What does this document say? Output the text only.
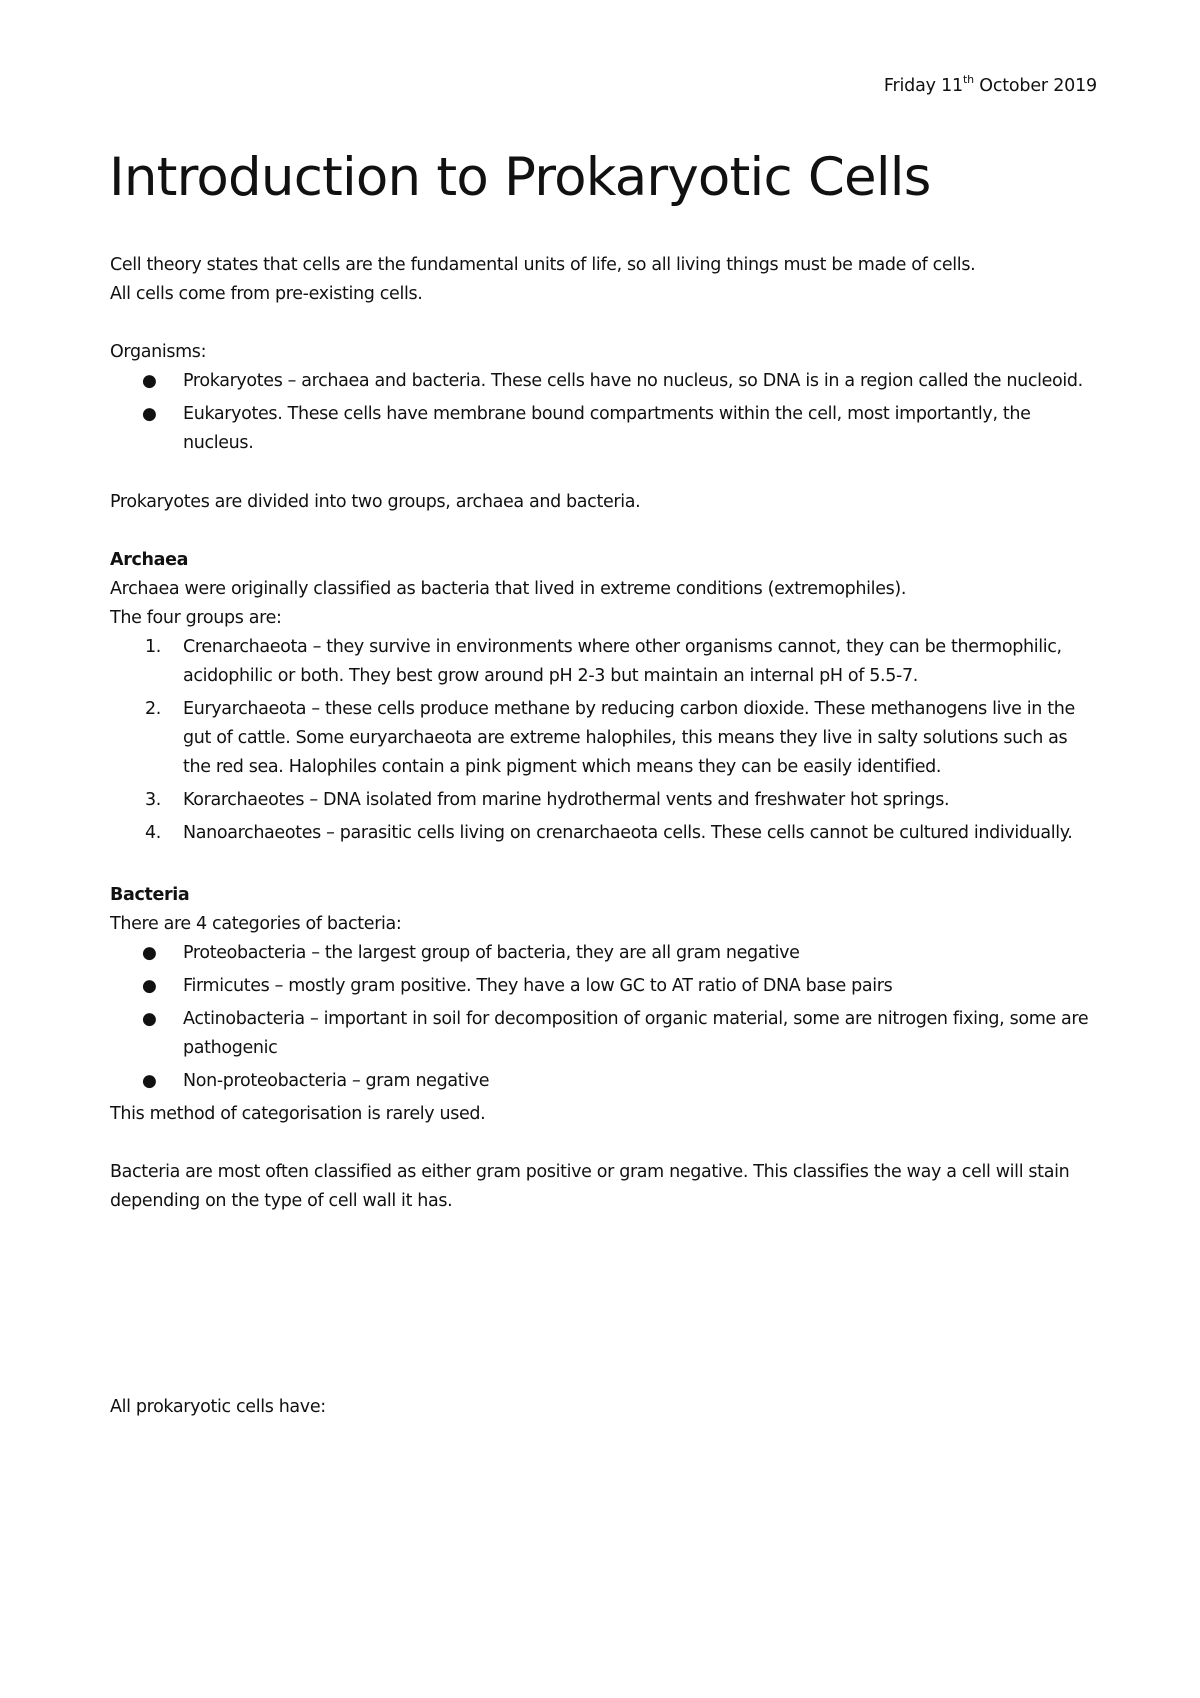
Friday 11th October 2019
Introduction to Prokaryotic Cells

Cell theory states that cells are the fundamental units of life, so all living things must be made of cells.

All cells come from pre-existing cells.

Organisms:

● Prokaryotes – archaea and bacteria. These cells have no nucleus, so DNA is in a region called the nucleoid.
● Eukaryotes. These cells have membrane bound compartments within the cell, most importantly, the nucleus.

Prokaryotes are divided into two groups, archaea and bacteria.

Archaea

Archaea were originally classified as bacteria that lived in extreme conditions (extremophiles).

The four groups are:

1. Crenarchaeota – they survive in environments where other organisms cannot, they can be thermophilic, acidophilic or both. They best grow around pH 2-3 but maintain an internal pH of 5.5-7.
2. Euryarchaeota – these cells produce methane by reducing carbon dioxide. These methanogens live in the gut of cattle. Some euryarchaeota are extreme halophiles, this means they live in salty solutions such as the red sea. Halophiles contain a pink pigment which means they can be easily identified.
3. Korarchaeotes – DNA isolated from marine hydrothermal vents and freshwater hot springs.
4. Nanoarchaeotes – parasitic cells living on crenarchaeota cells. These cells cannot be cultured individually.

Bacteria

There are 4 categories of bacteria:

● Proteobacteria – the largest group of bacteria, they are all gram negative
● Firmicutes – mostly gram positive. They have a low GC to AT ratio of DNA base pairs
● Actinobacteria – important in soil for decomposition of organic material, some are nitrogen fixing, some are pathogenic
● Non-proteobacteria – gram negative

This method of categorisation is rarely used.

Bacteria are most often classified as either gram positive or gram negative. This classifies the way a cell will stain depending on the type of cell wall it has.

All prokaryotic cells have:
